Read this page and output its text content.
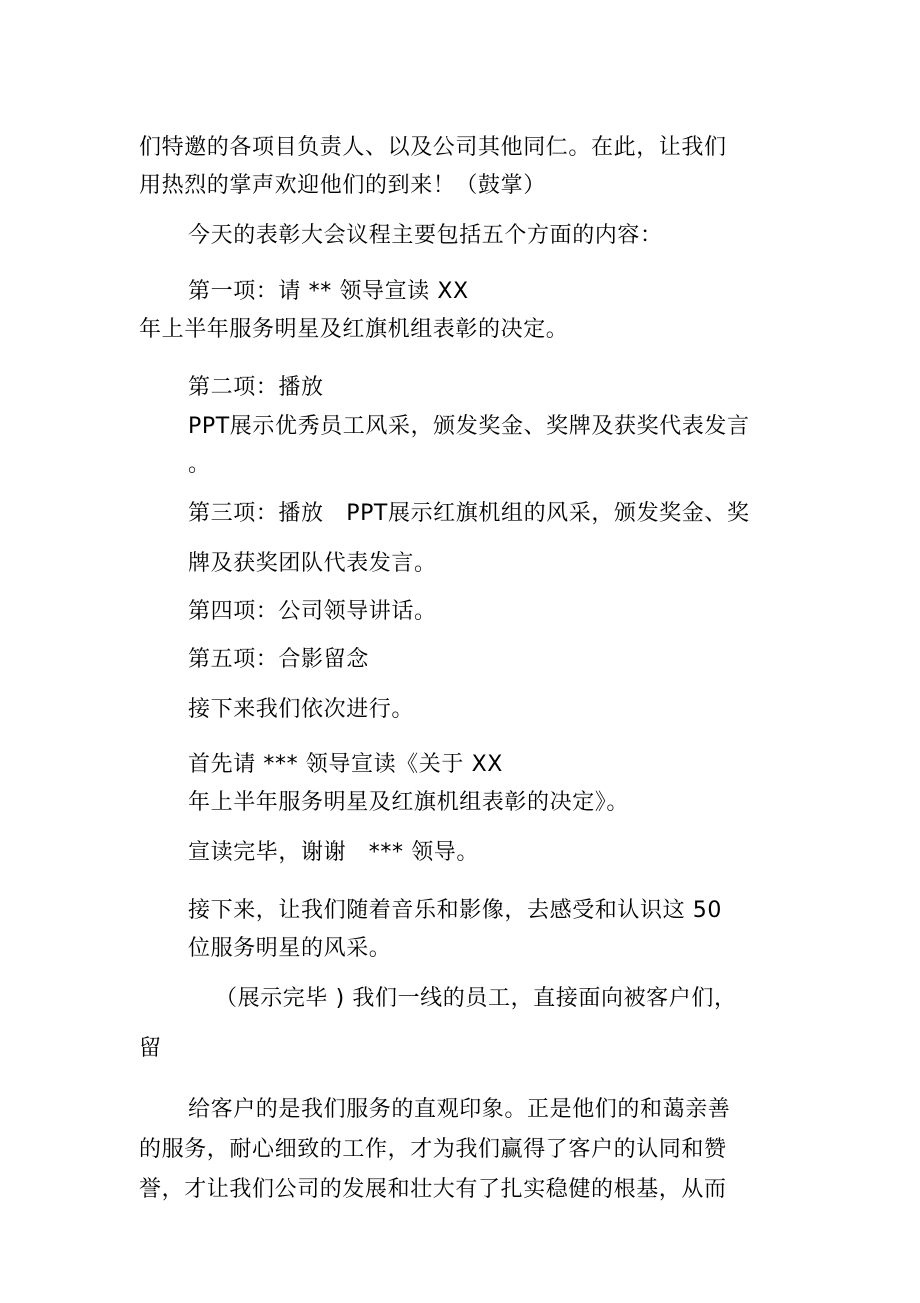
们特邀的各项目负责人、以及公司其他同仁。在此，让我们
用热烈的掌声欢迎他们的到来！（鼓掌）
今天的表彰大会议程主要包括五个方面的内容：
第一项：请 ** 领导宣读 XX
年上半年服务明星及红旗机组表彰的决定。
第二项：播放
PPT展示优秀员工风采，颁发奖金、奖牌及获奖代表发言
。
第三项：播放　PPT展示红旗机组的风采，颁发奖金、奖
牌及获奖团队代表发言。
第四项：公司领导讲话。
第五项：合影留念
接下来我们依次进行。
首先请 *** 领导宣读《关于 XX
年上半年服务明星及红旗机组表彰的决定》。
宣读完毕，谢谢　*** 领导。
接下来，让我们随着音乐和影像，去感受和认识这 50
位服务明星的风采。
（展示完毕 ) 我们一线的员工，直接面向被客户们，
留
给客户的是我们服务的直观印象。正是他们的和蔼亲善
的服务，耐心细致的工作，才为我们赢得了客户的认同和赞
誉，才让我们公司的发展和壮大有了扎实稳健的根基，从而
